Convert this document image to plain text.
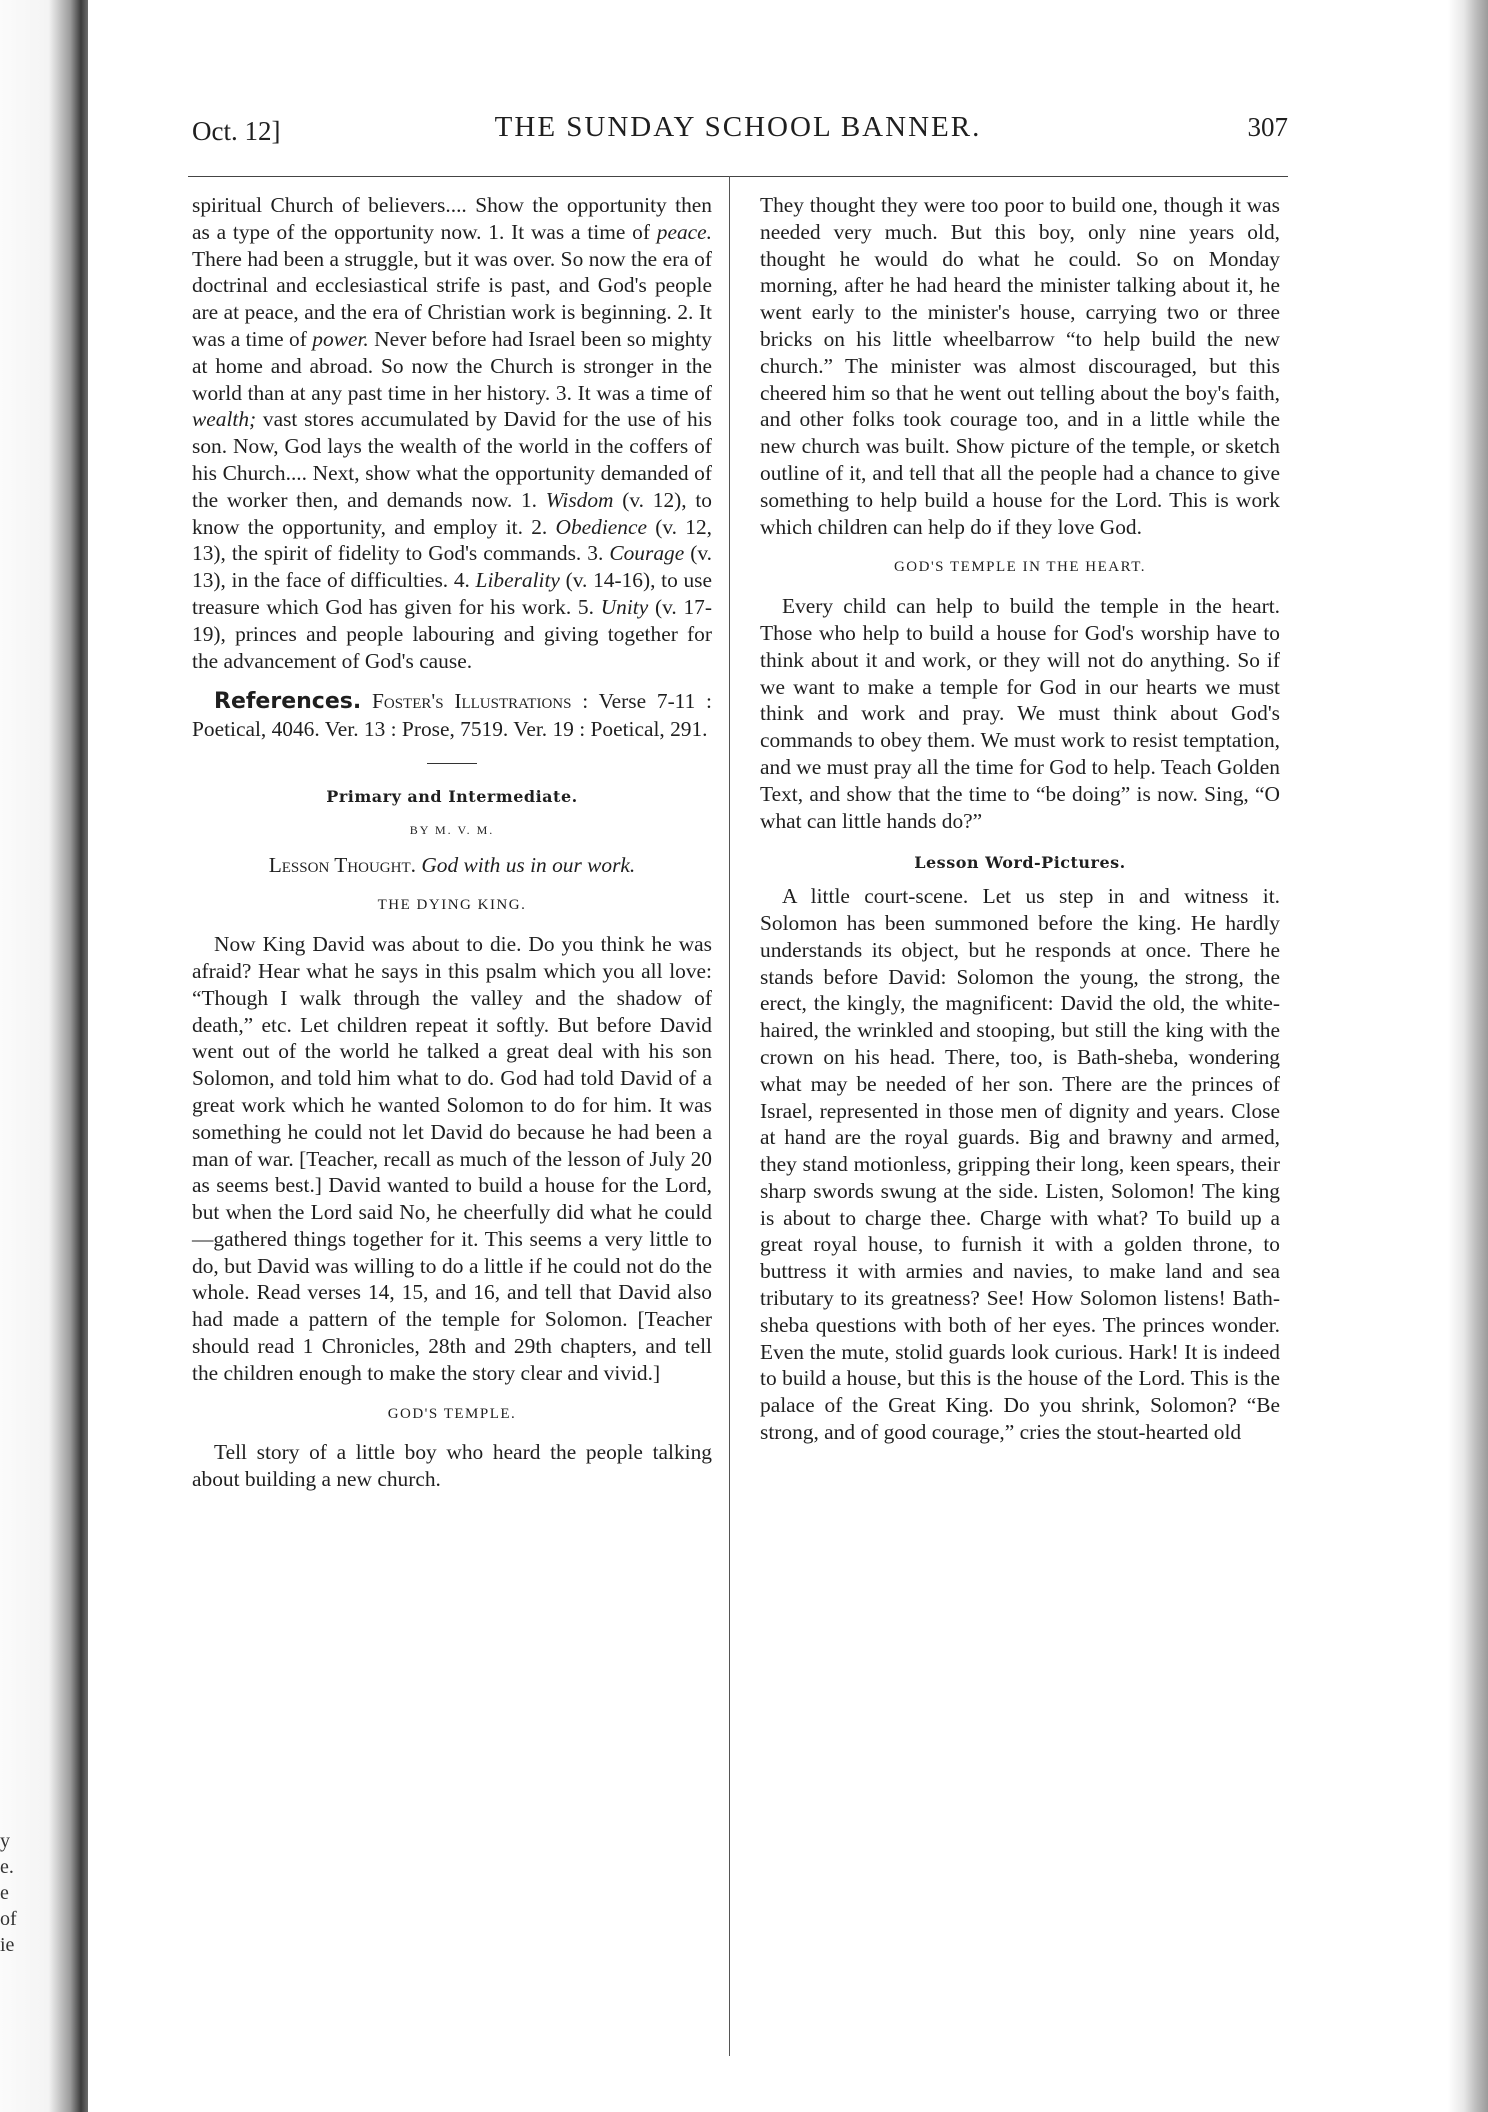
y
e.
e
of
ie
Oct. 12]	THE SUNDAY SCHOOL BANNER.	307

spiritual Church of believers.... Show the opportunity then as a type of the opportunity now. 1. It was a time of peace. There had been a struggle, but it was over. So now the era of doctrinal and ecclesiastical strife is past, and God's people are at peace, and the era of Christian work is beginning. 2. It was a time of power. Never before had Israel been so mighty at home and abroad. So now the Church is stronger in the world than at any past time in her history. 3. It was a time of wealth; vast stores accumulated by David for the use of his son. Now, God lays the wealth of the world in the coffers of his Church.... Next, show what the opportunity demanded of the worker then, and demands now. 1. Wisdom (v. 12), to know the opportunity, and employ it. 2. Obedience (v. 12, 13), the spirit of fidelity to God's commands. 3. Courage (v. 13), in the face of difficulties. 4. Liberality (v. 14-16), to use treasure which God has given for his work. 5. Unity (v. 17-19), princes and people labouring and giving together for the advancement of God's cause.

References. Foster's Illustrations : Verse 7-11 : Poetical, 4046. Ver. 13 : Prose, 7519. Ver. 19 : Poetical, 291.

Primary and Intermediate.
BY M. V. M.
Lesson Thought. God with us in our work.
THE DYING KING.

Now King David was about to die. Do you think he was afraid? Hear what he says in this psalm which you all love: “Though I walk through the valley and the shadow of death,” etc. Let children repeat it softly. But before David went out of the world he talked a great deal with his son Solomon, and told him what to do. God had told David of a great work which he wanted Solomon to do for him. It was something he could not let David do because he had been a man of war. [Teacher, recall as much of the lesson of July 20 as seems best.] David wanted to build a house for the Lord, but when the Lord said No, he cheerfully did what he could—gathered things together for it. This seems a very little to do, but David was willing to do a little if he could not do the whole. Read verses 14, 15, and 16, and tell that David also had made a pattern of the temple for Solomon. [Teacher should read 1 Chronicles, 28th and 29th chapters, and tell the children enough to make the story clear and vivid.]

GOD'S TEMPLE.

Tell story of a little boy who heard the people talking about building a new church.

They thought they were too poor to build one, though it was needed very much. But this boy, only nine years old, thought he would do what he could. So on Monday morning, after he had heard the minister talking about it, he went early to the minister's house, carrying two or three bricks on his little wheelbarrow “to help build the new church.” The minister was almost discouraged, but this cheered him so that he went out telling about the boy's faith, and other folks took courage too, and in a little while the new church was built. Show picture of the temple, or sketch outline of it, and tell that all the people had a chance to give something to help build a house for the Lord. This is work which children can help do if they love God.

GOD'S TEMPLE IN THE HEART.

Every child can help to build the temple in the heart. Those who help to build a house for God's worship have to think about it and work, or they will not do anything. So if we want to make a temple for God in our hearts we must think and work and pray. We must think about God's commands to obey them. We must work to resist temptation, and we must pray all the time for God to help. Teach Golden Text, and show that the time to “be doing” is now. Sing, “O what can little hands do?”

Lesson Word-Pictures.

A little court-scene. Let us step in and witness it. Solomon has been summoned before the king. He hardly understands its object, but he responds at once. There he stands before David: Solomon the young, the strong, the erect, the kingly, the magnificent: David the old, the white-haired, the wrinkled and stooping, but still the king with the crown on his head. There, too, is Bath-sheba, wondering what may be needed of her son. There are the princes of Israel, represented in those men of dignity and years. Close at hand are the royal guards. Big and brawny and armed, they stand motionless, gripping their long, keen spears, their sharp swords swung at the side. Listen, Solomon! The king is about to charge thee. Charge with what? To build up a great royal house, to furnish it with a golden throne, to buttress it with armies and navies, to make land and sea tributary to its greatness? See! How Solomon listens! Bath-sheba questions with both of her eyes. The princes wonder. Even the mute, stolid guards look curious. Hark! It is indeed to build a house, but this is the house of the Lord. This is the palace of the Great King. Do you shrink, Solomon? “Be strong, and of good courage,” cries the stout-hearted old
